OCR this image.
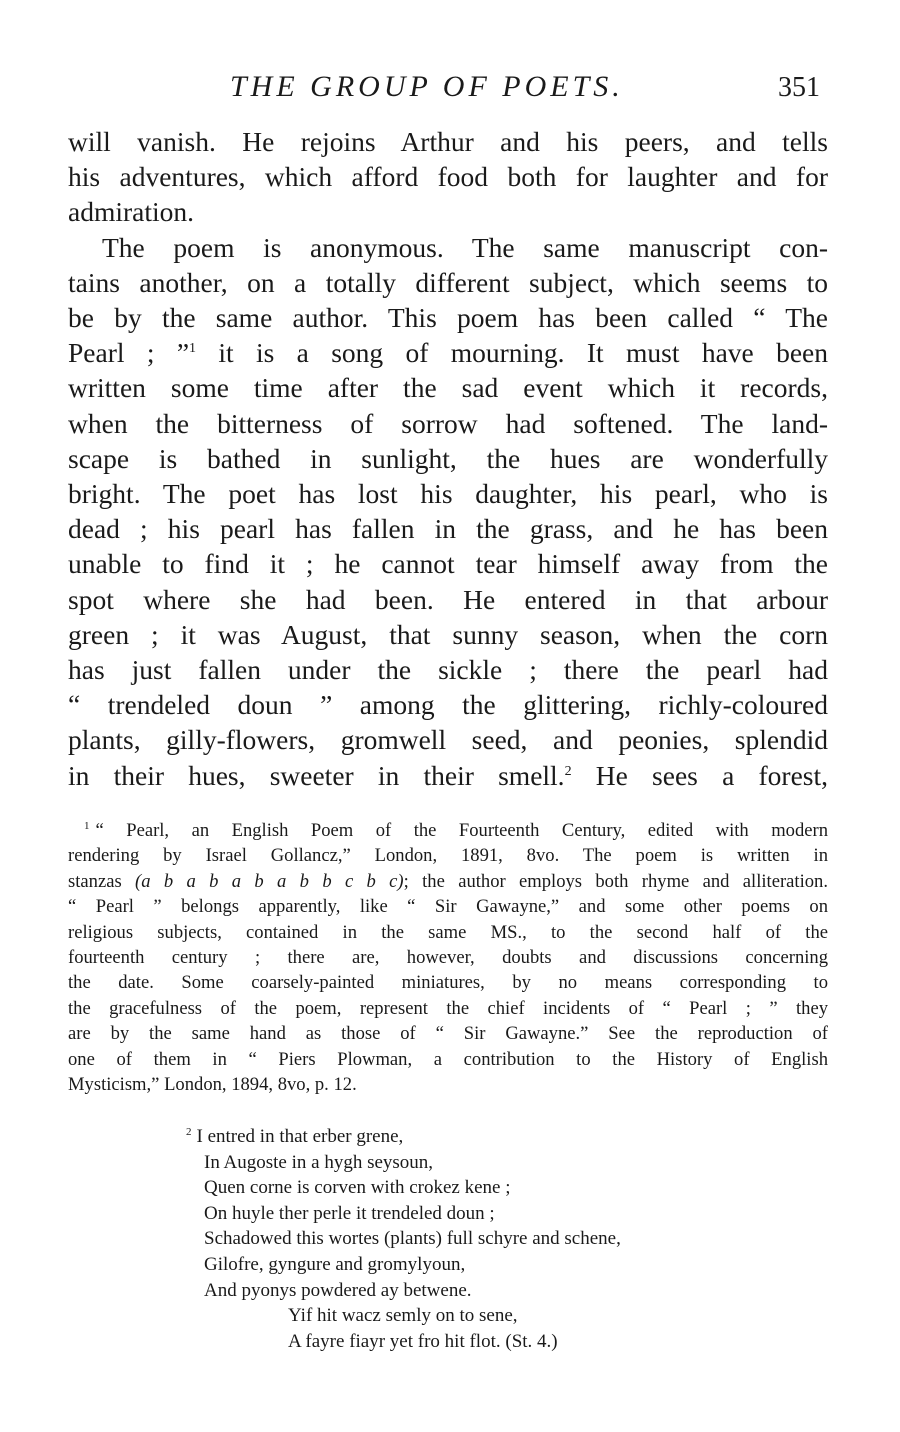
THE GROUP OF POETS.	351
will vanish. He rejoins Arthur and his peers, and tells
his adventures, which afford food both for laughter and for
admiration.
The poem is anonymous. The same manuscript con-
tains another, on a totally different subject, which seems to
be by the same author. This poem has been called “ The
Pearl ; ”$^1$ it is a song of mourning. It must have been
written some time after the sad event which it records,
when the bitterness of sorrow had softened. The land-
scape is bathed in sunlight, the hues are wonderfully
bright. The poet has lost his daughter, his pearl, who is
dead ; his pearl has fallen in the grass, and he has been
unable to find it ; he cannot tear himself away from the
spot where she had been. He entered in that arbour
green ; it was August, that sunny season, when the corn
has just fallen under the sickle ; there the pearl had
“ trendeled doun ” among the glittering, richly-coloured
plants, gilly-flowers, gromwell seed, and peonies, splendid
in their hues, sweeter in their smell.$^2$ He sees a forest,
$^1$ “ Pearl, an English Poem of the Fourteenth Century, edited with modern
rendering by Israel Gollancz,” London, 1891, 8vo. The poem is written in
stanzas (a b a b a b a b b c b c); the author employs both rhyme and alliteration.
“ Pearl ” belongs apparently, like “ Sir Gawayne,” and some other poems on
religious subjects, contained in the same MS., to the second half of the
fourteenth century ; there are, however, doubts and discussions concerning
the date. Some coarsely-painted miniatures, by no means corresponding to
the gracefulness of the poem, represent the chief incidents of “ Pearl ; ” they
are by the same hand as those of “ Sir Gawayne.” See the reproduction of
one of them in “ Piers Plowman, a contribution to the History of English
Mysticism,” London, 1894, 8vo, p. 12.
$^2$ I entred in that erber grene,
In Augoste in a hygh seysoun,
Quen corne is corven with crokez kene ;
On huyle ther perle it trendeled doun ;
Schadowed this wortes (plants) full schyre and schene,
Gilofre, gyngure and gromylyoun,
And pyonys powdered ay betwene.
Yif hit wacz semly on to sene,
A fayre fiayr yet fro hit flot. (St. 4.)
